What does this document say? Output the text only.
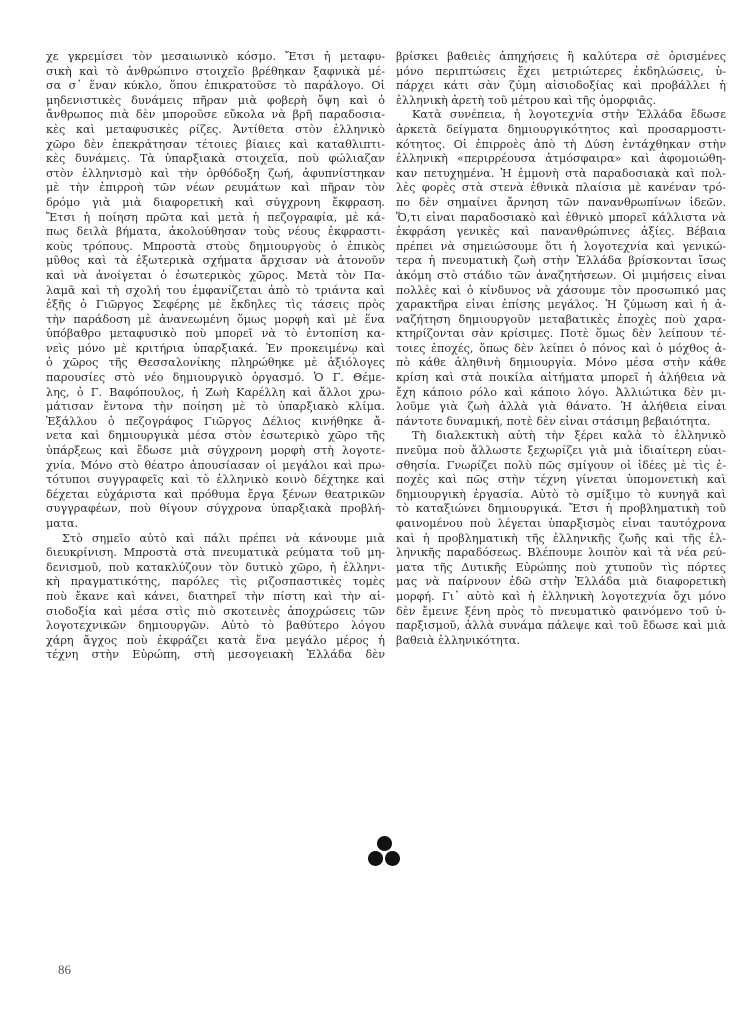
χε γκρεμίσει τὸν μεσαιωνικὸ κόσμο. Ἔτσι ἡ μεταφυ-
σικὴ καὶ τὸ ἀνθρώπινο στοιχεῖο βρέθηκαν ξαφνικὰ μέ-
σα σ᾿ ἕναν κύκλο, ὅπου ἐπικρατοῦσε τὸ παράλογο. Οἱ
μηδενιστικὲς δυνάμεις πῆραν μιὰ φοβερὴ ὄψη καὶ ὁ
ἄνθρωπος πιὰ δὲν μποροῦσε εὔκολα νὰ βρῆ παραδοσια-
κὲς καὶ μεταφυσικὲς ρίζες. Ἀντίθετα στὸν ἑλληνικὸ
χῶρο δὲν ἐπεκράτησαν τέτοιες βίαιες καὶ καταθλιπτι-
κὲς δυνάμεις. Τὰ ὑπαρξιακὰ στοιχεῖα, ποὺ φώλιαζαν
στὸν ἑλληνισμὸ καὶ τὴν ὀρθόδοξη ζωή, ἀφυπνίστηκαν
μὲ τὴν ἐπιρροὴ τῶν νέων ρευμάτων καὶ πῆραν τὸν
δρόμο γιὰ μιὰ διαφορετικὴ καὶ σύγχρονη ἔκφραση.
Ἔτσι ἡ ποίηση πρῶτα καὶ μετὰ ἡ πεζογραφία, μὲ κά-
πως δειλὰ βήματα, ἀκολούθησαν τοὺς νέους ἐκφραστι-
κοὺς τρόπους. Μπροστὰ στοὺς δημιουργοὺς ὁ ἐπικὸς
μῦθος καὶ τὰ ἐξωτερικὰ σχήματα ἄρχισαν νὰ ἀτονοῦν
καὶ νὰ ἀνοίγεται ὁ ἐσωτερικὸς χῶρος. Μετὰ τὸν Πα-
λαμᾶ καὶ τὴ σχολή του ἐμφανίζεται ἀπὸ τὸ τριάντα καὶ
ἑξῆς ὁ Γιῶργος Σεφέρης μὲ ἔκδηλες τὶς τάσεις πρὸς
τὴν παράδοση μὲ ἀνανεωμένη ὅμως μορφὴ καὶ μὲ ἕνα
ὑπόβαθρο μεταφυσικὸ ποὺ μπορεῖ νὰ τὸ ἐντοπίση κα-
νεὶς μόνο μὲ κριτήρια ὑπαρξιακά. Ἐν προκειμένῳ καὶ
ὁ χῶρος τῆς Θεσσαλονίκης πληρώθηκε μὲ ἀξιόλογες
παρουσίες στὸ νέο δημιουργικὸ ὀργασμό. Ὁ Γ. Θέμε-
λης, ὁ Γ. Βαφόπουλος, ἡ Ζωὴ Καρέλλη καὶ ἄλλοι χρω-
μάτισαν ἔντονα τὴν ποίηση μὲ τὸ ὑπαρξιακὸ κλίμα.
Ἐξάλλου ὁ πεζογράφος Γιῶργος Δέλιος κινήθηκε ἄ-
νετα καὶ δημιουργικὰ μέσα στὸν ἐσωτερικὸ χῶρο τῆς
ὑπάρξεως καὶ ἔδωσε μιὰ σύγχρονη μορφὴ στὴ λογοτε-
χνία. Μόνο στὸ θέατρο ἀπουσίασαν οἱ μεγάλοι καὶ πρω-
τότυποι συγγραφεῖς καὶ τὸ ἑλληνικὸ κοινὸ δέχτηκε καὶ
δέχεται εὐχάριστα καὶ πρόθυμα ἔργα ξένων θεατρικῶν
συγγραφέων, ποὺ θίγουν σύγχρονα ὑπαρξιακὰ προβλή-
ματα.
Στὸ σημεῖο αὐτὸ καὶ πάλι πρέπει νὰ κάνουμε μιὰ
διευκρίνιση. Μπροστὰ στὰ πνευματικὰ ρεύματα τοῦ μη-
δενισμοῦ, ποὺ κατακλύζουν τὸν δυτικὸ χῶρο, ἡ ἑλληνι-
κὴ πραγματικότης, παρόλες τὶς ριζοσπαστικὲς τομὲς
ποὺ ἔκανε καὶ κάνει, διατηρεῖ τὴν πίστη καὶ τὴν αἰ-
σιοδοξία καὶ μέσα στὶς πιὸ σκοτεινὲς ἀποχρώσεις τῶν
λογοτεχνικῶν δημιουργῶν. Αὐτὸ τὸ βαθύτερο λόγου
χάρη ἄγχος ποὺ ἐκφράζει κατὰ ἕνα μεγάλο μέρος ἡ
τέχνη στὴν Εὐρώπη, στὴ μεσογειακὴ Ἑλλάδα δὲν
βρίσκει βαθειὲς ἀπηχήσεις ἢ καλύτερα σὲ ὁρισμένες
μόνο περιπτώσεις ἔχει μετριώτερες ἐκδηλώσεις, ὑ-
πάρχει κάτι σὰν ζύμη αἰσιοδοξίας καὶ προβάλλει ἡ
ἑλληνικὴ ἀρετὴ τοῦ μέτρου καὶ τῆς ὁμορφιᾶς.
Κατὰ συνέπεια, ἡ λογοτεχνία στὴν Ἑλλάδα ἔδωσε
ἀρκετὰ δείγματα δημιουργικότητος καὶ προσαρμοστι-
κότητος. Οἱ ἐπιρροὲς ἀπὸ τὴ Δύση ἐντάχθηκαν στὴν
ἑλληνικὴ «περιρρέουσα ἀτμόσφαιρα» καὶ ἀφομοιώθη-
καν πετυχημένα. Ἡ ἐμμονὴ στὰ παραδοσιακὰ καὶ πολ-
λὲς φορὲς στὰ στενὰ ἐθνικὰ πλαίσια μὲ κανέναν τρό-
πο δὲν σημαίνει ἄρνηση τῶν πανανθρωπίνων ἰδεῶν.
Ὅ,τι εἶναι παραδοσιακὸ καὶ ἐθνικὸ μπορεῖ κάλλιστα νὰ
ἐκφράση γενικὲς καὶ πανανθρώπινες ἀξίες. Βέβαια
πρέπει νὰ σημειώσουμε ὅτι ἡ λογοτεχνία καὶ γενικώ-
τερα ἡ πνευματικὴ ζωὴ στὴν Ἑλλάδα βρίσκονται ἴσως
ἀκόμη στὸ στάδιο τῶν ἀναζητήσεων. Οἱ μιμήσεις εἶναι
πολλὲς καὶ ὁ κίνδυνος νὰ χάσουμε τὸν προσωπικό μας
χαρακτῆρα εἶναι ἐπίσης μεγάλος. Ἡ ζύμωση καὶ ἡ ἀ-
ναζήτηση δημιουργοῦν μεταβατικὲς ἐποχὲς ποὺ χαρα-
κτηρίζονται σὰν κρίσιμες. Ποτὲ ὅμως δὲν λείπουν τέ-
τοιες ἐποχές, ὅπως δὲν λείπει ὁ πόνος καὶ ὁ μόχθος ἀ-
πὸ κάθε ἀληθινὴ δημιουργία. Μόνο μέσα στὴν κάθε
κρίση καὶ στὰ ποικίλα αἰτήματα μπορεῖ ἡ ἀλήθεια νὰ
ἔχη κάποιο ρόλο καὶ κάποιο λόγο. Ἀλλιώτικα δὲν μι-
λοῦμε γιὰ ζωὴ ἀλλὰ γιὰ θάνατο. Ἡ ἀλήθεια εἶναι
πάντοτε δυναμική, ποτὲ δὲν εἶναι στάσιμη βεβαιότητα.
Τὴ διαλεκτικὴ αὐτὴ τὴν ξέρει καλὰ τὸ ἑλληνικὸ
πνεῦμα ποὺ ἄλλωστε ξεχωρίζει γιὰ μιὰ ἰδιαίτερη εὐαι-
σθησία. Γνωρίζει πολὺ πῶς σμίγουν οἱ ἰδέες μὲ τὶς ἐ-
ποχὲς καὶ πῶς στὴν τέχνη γίνεται ὑπομονετικὴ καὶ
δημιουργικὴ ἐργασία. Αὐτὸ τὸ σμίξιμο τὸ κυνηγᾶ καὶ
τὸ καταξιώνει δημιουργικά. Ἔτσι ἡ προβληματικὴ τοῦ
φαινομένου ποὺ λέγεται ὑπαρξισμὸς εἶναι ταυτόχρονα
καὶ ἡ προβληματικὴ τῆς ἑλληνικῆς ζωῆς καὶ τῆς ἑλ-
ληνικῆς παραδόσεως. Βλέπουμε λοιπὸν καὶ τὰ νέα ρεύ-
ματα τῆς Δυτικῆς Εὐρώπης ποὺ χτυποῦν τὶς πόρτες
μας νὰ παίρνουν ἐδῶ στὴν Ἑλλάδα μιὰ διαφορετικὴ
μορφή. Γι᾿ αὐτὸ καὶ ἡ ἑλληνικὴ λογοτεχνία ὄχι μόνο
δὲν ἔμεινε ξένη πρὸς τὸ πνευματικὸ φαινόμενο τοῦ ὑ-
παρξισμοῦ, ἀλλὰ συνάμα πάλεψε καὶ τοῦ ἔδωσε καὶ μιὰ
βαθειὰ ἑλληνικότητα.
86
